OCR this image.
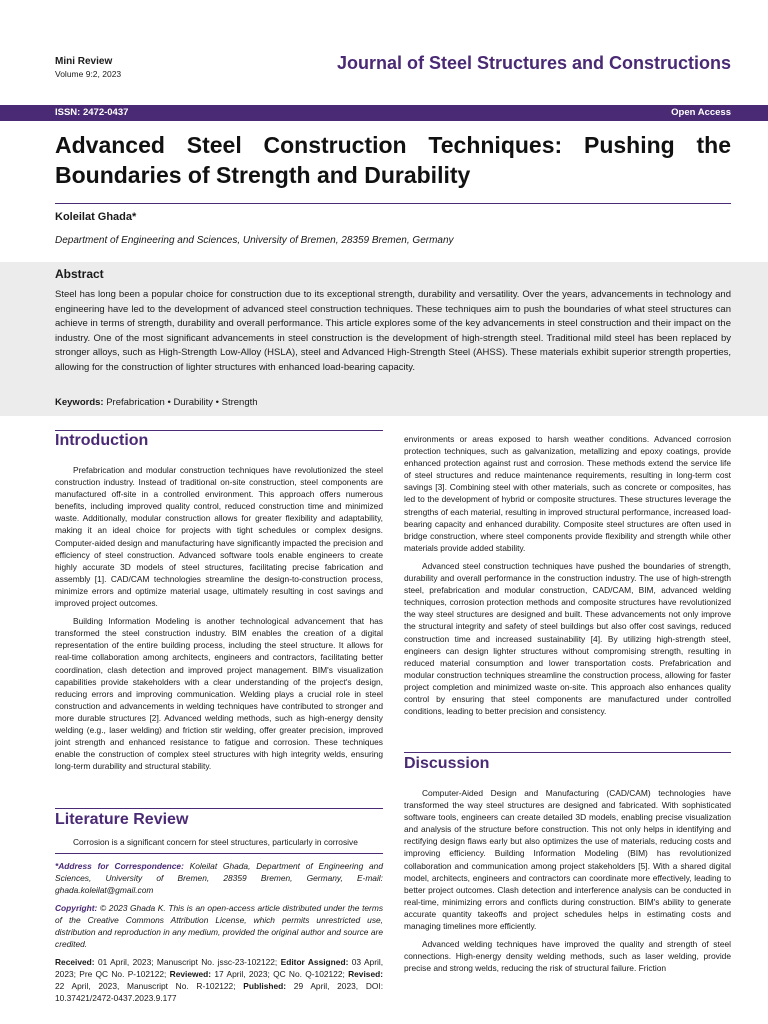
Mini Review
Volume 9:2, 2023
Journal of Steel Structures and Constructions
ISSN: 2472-0437	Open Access
Advanced Steel Construction Techniques: Pushing the Boundaries of Strength and Durability
Koleilat Ghada*
Department of Engineering and Sciences, University of Bremen, 28359 Bremen, Germany
Abstract
Steel has long been a popular choice for construction due to its exceptional strength, durability and versatility. Over the years, advancements in technology and engineering have led to the development of advanced steel construction techniques. These techniques aim to push the boundaries of what steel structures can achieve in terms of strength, durability and overall performance. This article explores some of the key advancements in steel construction and their impact on the industry. One of the most significant advancements in steel construction is the development of high-strength steel. Traditional mild steel has been replaced by stronger alloys, such as High-Strength Low-Alloy (HSLA), steel and Advanced High-Strength Steel (AHSS). These materials exhibit superior strength properties, allowing for the construction of lighter structures with enhanced load-bearing capacity.
Keywords: Prefabrication • Durability • Strength
Introduction

Prefabrication and modular construction techniques have revolutionized the steel construction industry. Instead of traditional on-site construction, steel components are manufactured off-site in a controlled environment. This approach offers numerous benefits, including improved quality control, reduced construction time and minimized waste. Additionally, modular construction allows for greater flexibility and adaptability, making it an ideal choice for projects with tight schedules or complex designs. Computer-aided design and manufacturing have significantly impacted the precision and efficiency of steel construction. Advanced software tools enable engineers to create highly accurate 3D models of steel structures, facilitating precise fabrication and assembly [1]. CAD/CAM technologies streamline the design-to-construction process, minimize errors and optimize material usage, ultimately resulting in cost savings and improved project outcomes.

Building Information Modeling is another technological advancement that has transformed the steel construction industry. BIM enables the creation of a digital representation of the entire building process, including the steel structure. It allows for real-time collaboration among architects, engineers and contractors, facilitating better coordination, clash detection and improved project management. BIM's visualization capabilities provide stakeholders with a clear understanding of the project's design, reducing errors and improving communication. Welding plays a crucial role in steel construction and advancements in welding techniques have contributed to stronger and more durable structures [2]. Advanced welding methods, such as high-energy density welding (e.g., laser welding) and friction stir welding, offer greater precision, improved joint strength and enhanced resistance to fatigue and corrosion. These techniques enable the construction of complex steel structures with high integrity welds, ensuring long-term durability and structural stability.

Literature Review

Corrosion is a significant concern for steel structures, particularly in corrosive

*Address for Correspondence: Koleilat Ghada, Department of Engineering and Sciences, University of Bremen, 28359 Bremen, Germany, E-mail: ghada.koleilat@gmail.com

Copyright: © 2023 Ghada K. This is an open-access article distributed under the terms of the Creative Commons Attribution License, which permits unrestricted use, distribution and reproduction in any medium, provided the original author and source are credited.

Received: 01 April, 2023; Manuscript No. jssc-23-102122; Editor Assigned: 03 April, 2023; Pre QC No. P-102122; Reviewed: 17 April, 2023; QC No. Q-102122; Revised: 22 April, 2023, Manuscript No. R-102122; Published: 29 April, 2023, DOI: 10.37421/2472-0437.2023.9.177

environments or areas exposed to harsh weather conditions. Advanced corrosion protection techniques, such as galvanization, metallizing and epoxy coatings, provide enhanced protection against rust and corrosion. These methods extend the service life of steel structures and reduce maintenance requirements, resulting in long-term cost savings [3]. Combining steel with other materials, such as concrete or composites, has led to the development of hybrid or composite structures. These structures leverage the strengths of each material, resulting in improved structural performance, increased load-bearing capacity and enhanced durability. Composite steel structures are often used in bridge construction, where steel components provide flexibility and strength while other materials provide added stability.

Advanced steel construction techniques have pushed the boundaries of strength, durability and overall performance in the construction industry. The use of high-strength steel, prefabrication and modular construction, CAD/CAM, BIM, advanced welding techniques, corrosion protection methods and composite structures have revolutionized the way steel structures are designed and built. These advancements not only improve the structural integrity and safety of steel buildings but also offer cost savings, reduced construction time and increased sustainability [4]. By utilizing high-strength steel, engineers can design lighter structures without compromising strength, resulting in reduced material consumption and lower transportation costs. Prefabrication and modular construction techniques streamline the construction process, allowing for faster project completion and minimized waste on-site. This approach also enhances quality control by ensuring that steel components are manufactured under controlled conditions, leading to better precision and consistency.

Discussion

Computer-Aided Design and Manufacturing (CAD/CAM) technologies have transformed the way steel structures are designed and fabricated. With sophisticated software tools, engineers can create detailed 3D models, enabling precise visualization and analysis of the structure before construction. This not only helps in identifying and rectifying design flaws early but also optimizes the use of materials, reducing costs and improving efficiency. Building Information Modeling (BIM) has revolutionized collaboration and communication among project stakeholders [5]. With a shared digital model, architects, engineers and contractors can coordinate more effectively, leading to better project outcomes. Clash detection and interference analysis can be conducted in real-time, minimizing errors and conflicts during construction. BIM's ability to generate accurate quantity takeoffs and project schedules helps in estimating costs and managing timelines more efficiently.

Advanced welding techniques have improved the quality and strength of steel connections. High-energy density welding methods, such as laser welding, provide precise and strong welds, reducing the risk of structural failure. Friction
